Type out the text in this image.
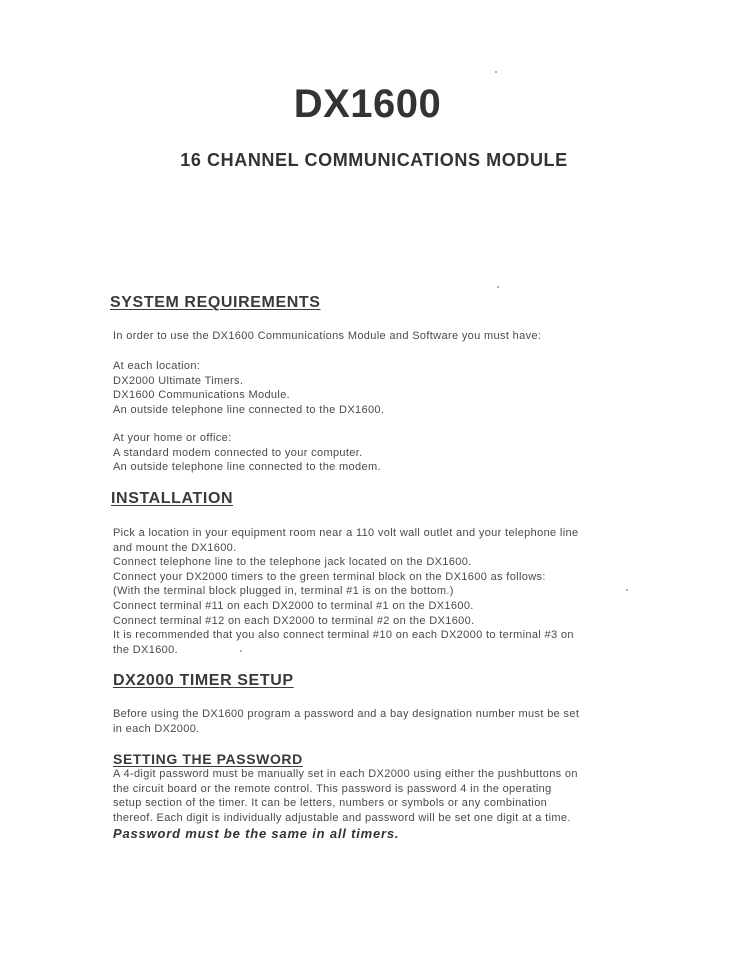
DX1600
16 CHANNEL COMMUNICATIONS MODULE
SYSTEM REQUIREMENTS

In order to use the DX1600 Communications Module and Software you must have:

At each location:
DX2000 Ultimate Timers.
DX1600 Communications Module.
An outside telephone line connected to the DX1600.

At your home or office:
A standard modem connected to your computer.
An outside telephone line connected to the modem.

INSTALLATION

Pick a location in your equipment room near a 110 volt wall outlet and your telephone line
and mount the DX1600.
Connect telephone line to the telephone jack located on the DX1600.
Connect your DX2000 timers to the green terminal block on the DX1600 as follows:
(With the terminal block plugged in, terminal #1 is on the bottom.)
Connect terminal #11 on each DX2000 to terminal #1 on the DX1600.
Connect terminal #12 on each DX2000 to terminal #2 on the DX1600.
It is recommended that you also connect terminal #10 on each DX2000 to terminal #3 on
the DX1600.

DX2000 TIMER SETUP

Before using the DX1600 program a password and a bay designation number must be set
in each DX2000.

SETTING THE PASSWORD

A 4-digit password must be manually set in each DX2000 using either the pushbuttons on
the circuit board or the remote control. This password is password 4 in the operating
setup section of the timer. It can be letters, numbers or symbols or any combination
thereof. Each digit is individually adjustable and password will be set one digit at a time.

Password must be the same in all timers.
